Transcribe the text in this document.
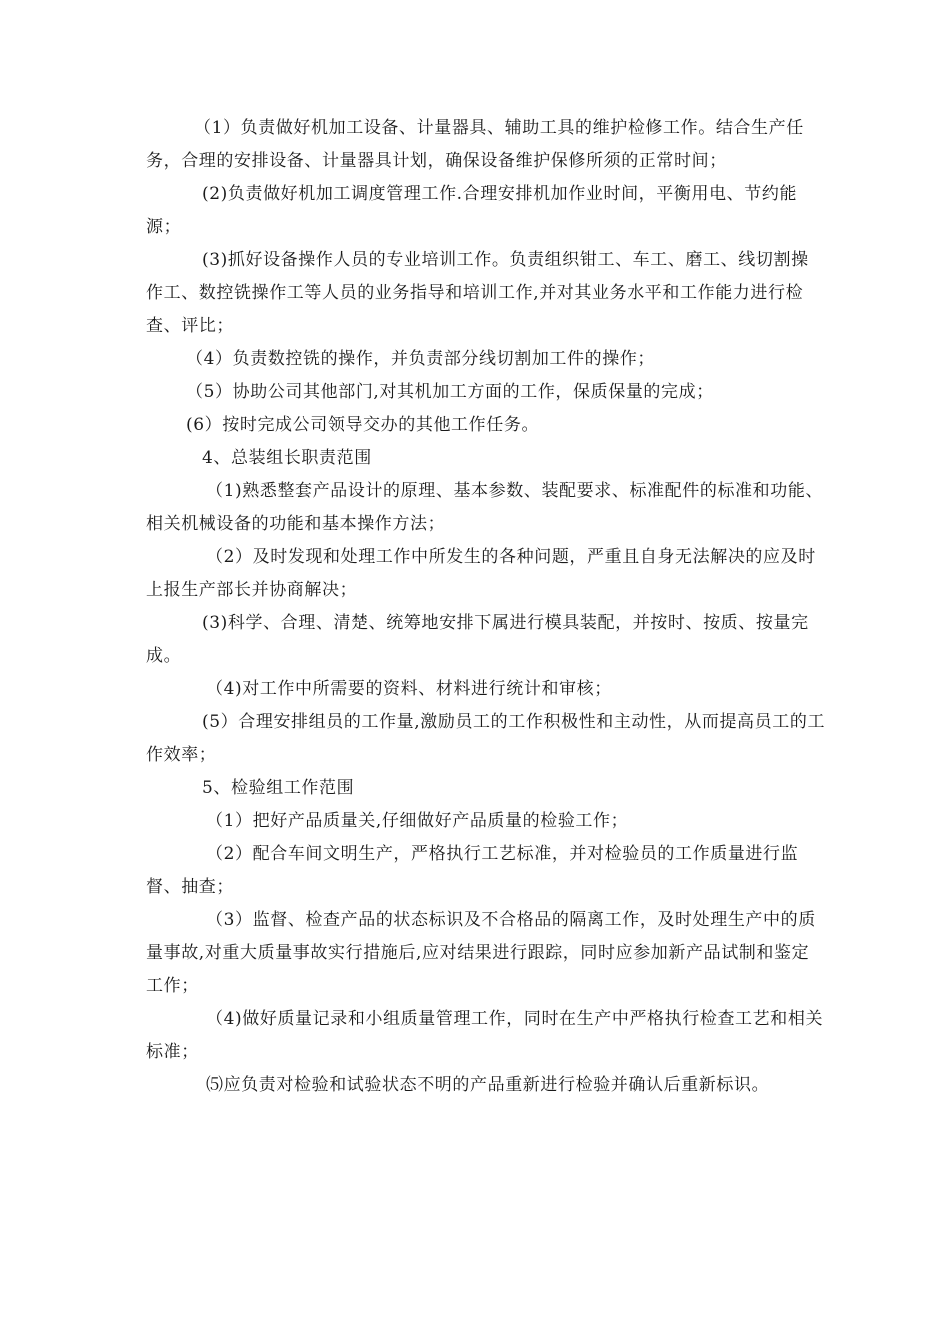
（1）负责做好机加工设备、计量器具、辅助工具的维护检修工作。结合生产任务，合理的安排设备、计量器具计划，确保设备维护保修所须的正常时间；

(2)负责做好机加工调度管理工作.合理安排机加作业时间，平衡用电、节约能源；

(3)抓好设备操作人员的专业培训工作。负责组织钳工、车工、磨工、线切割操作工、数控铣操作工等人员的业务指导和培训工作,并对其业务水平和工作能力进行检查、评比；

（4）负责数控铣的操作，并负责部分线切割加工件的操作；

（5）协助公司其他部门,对其机加工方面的工作，保质保量的完成；

(6）按时完成公司领导交办的其他工作任务。

4、总装组长职责范围

（1)熟悉整套产品设计的原理、基本参数、装配要求、标准配件的标准和功能、相关机械设备的功能和基本操作方法；

（2）及时发现和处理工作中所发生的各种问题，严重且自身无法解决的应及时上报生产部长并协商解决；

(3)科学、合理、清楚、统筹地安排下属进行模具装配，并按时、按质、按量完成。

（4)对工作中所需要的资料、材料进行统计和审核；

(5）合理安排组员的工作量,激励员工的工作积极性和主动性，从而提高员工的工作效率；

5、检验组工作范围

（1）把好产品质量关,仔细做好产品质量的检验工作；

（2）配合车间文明生产，严格执行工艺标准，并对检验员的工作质量进行监督、抽查；

（3）监督、检查产品的状态标识及不合格品的隔离工作，及时处理生产中的质量事故,对重大质量事故实行措施后,应对结果进行跟踪，同时应参加新产品试制和鉴定工作；

（4)做好质量记录和小组质量管理工作，同时在生产中严格执行检查工艺和相关标准；

⑸应负责对检验和试验状态不明的产品重新进行检验并确认后重新标识。
